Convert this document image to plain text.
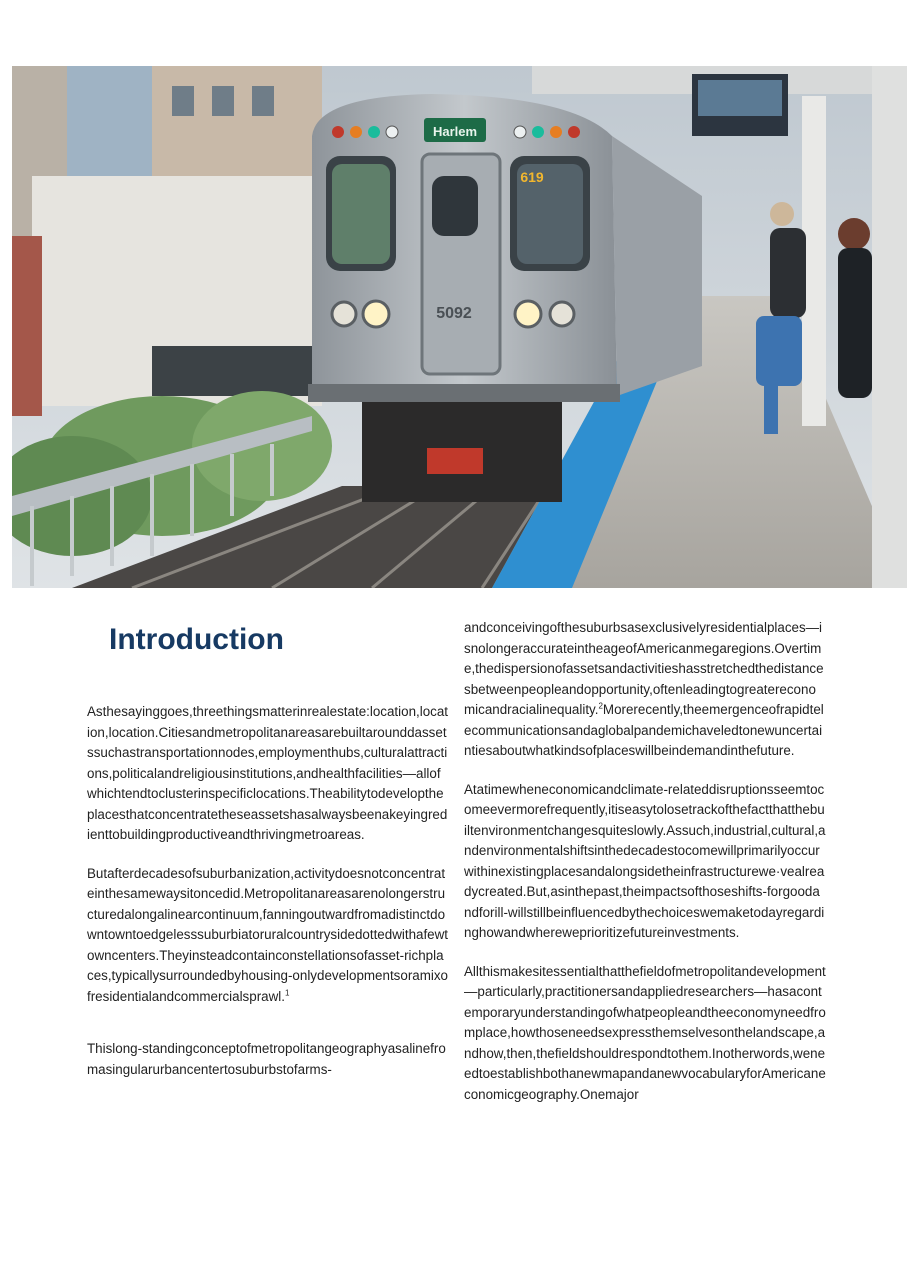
Harlem
619
5092
Introduction

Asthesayinggoes,threethingsmatterinrealestate:location,location,location.Citiesandmetropolitanareasarebuiltarounddassetssuchastransportationnodes,employmenthubs,culturalattractions,politicalandreligiousinstitutions,andhealthfacilities—allofwhichtendtoclusterinspecificlocations.Theabilitytodeveloptheplacesthatconcentratetheseassetshasalwaysbeenakeyingredienttobuildingproductiveandthrivingmetroareas.

Butafterdecadesofsuburbanization,activitydoesnotconcentrateinthesamewaysitoncedid.Metropolitanareasarenolongerstructuredalongalinearcontinuum,fanningoutwardfromadistinctdowntowntoedgelesssuburbiatoruralcountrysidedottedwithafewtowncenters.Theyinsteadcontainconstellationsofasset-richplaces,typicallysurroundedbyhousing-onlydevelopmentsoramixofresidentialandcommercialsprawl.$^1$

Thislong-standingconceptofmetropolitangeographyasalinefromasingularurbancentertosuburbstofarms-

andconceivingofthesuburbsasexclusivelyresidentialplaces—isnolongeraccurateintheageofAmericanmegaregions.Overtime,thedispersionofassetsandactivitieshasstretchedthedistancesbetweenpeopleandopportunity,oftenleadingtogreatereconomicandracialinequality.$^2$Morerecently,theemergenceofrapidtelecommunicationsandaglobalpandemichaveledtonewuncertaintiesaboutwhatkindsofplaceswillbeindemandinthefuture.

Atatimewheneconomicandclimate-relateddisruptionsseemtocomeevermorefrequently,itiseasytolosetrackofthefactthatthebuiltenvironmentchangesquiteslowly.Assuch,industrial,cultural,andenvironmentalshiftsinthedecadestocomewillprimarilyoccurwithinexistingplacesandalongsidetheinfrastructurewe·vealreadycreated.But,asinthepast,theimpactsofthoseshifts-forgoodandforill-willstillbeinfluencedbythechoiceswemaketodayregardinghowandwhereweprioritizefutureinvestments.

Allthismakesitessentialthatthefieldofmetropolitandevelopment—particularly,practitionersandappliedresearchers—hasacontemporaryunderstandingofwhatpeopleandtheeconomyneedfromplace,howthoseneedsexpressthemselvesonthelandscape,andhow,then,thefieldshouldrespondtothem.Inotherwords,weneedtoestablishbothanewmapandanewvocabularyforAmericaneconomicgeography.Onemajor
